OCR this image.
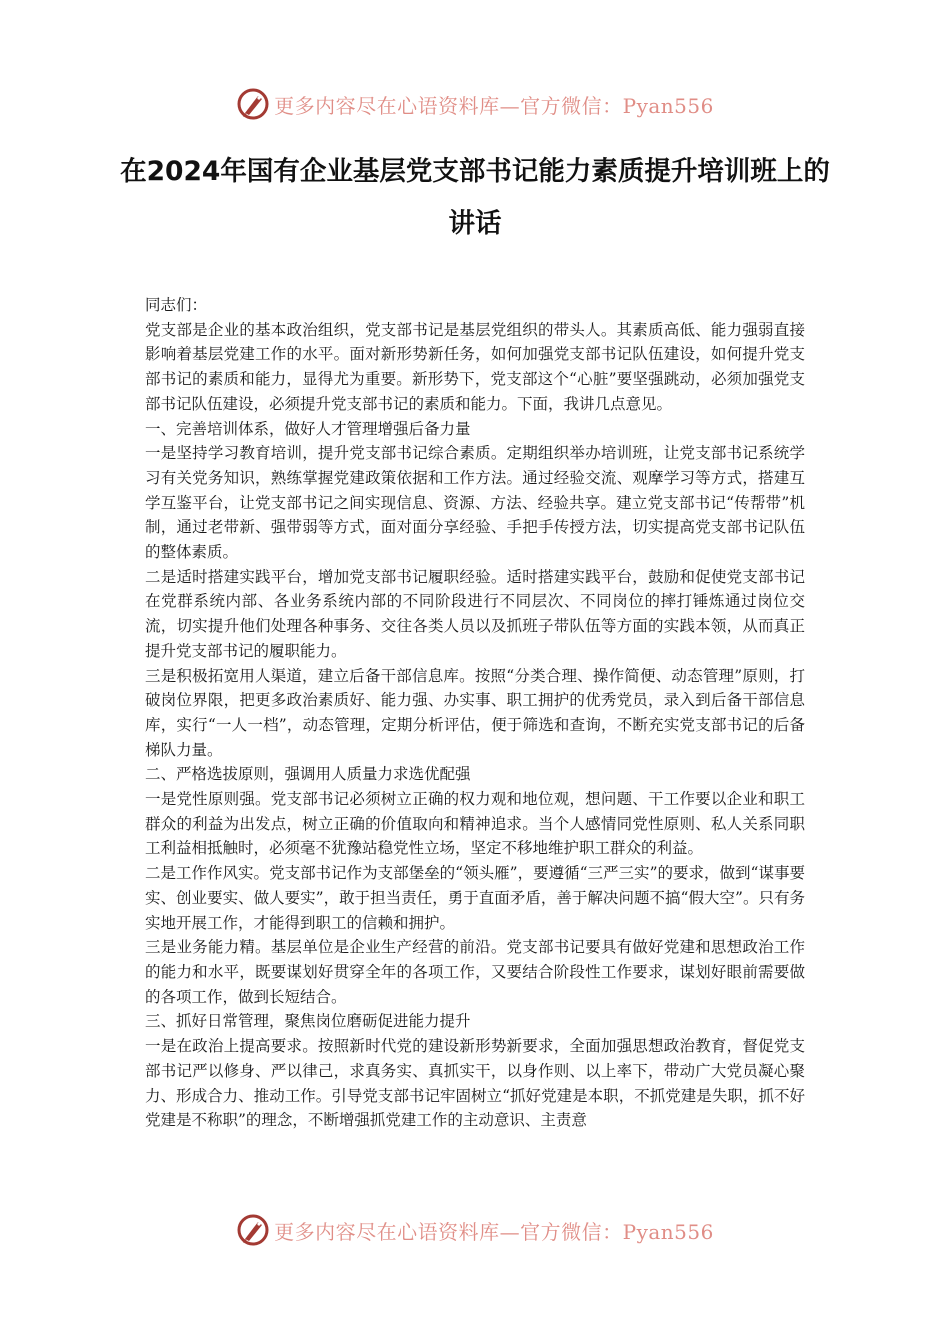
更多内容尽在心语资料库—官方微信：Pyan556
在2024年国有企业基层党支部书记能力素质提升培训班上的讲话

同志们：

党支部是企业的基本政治组织，党支部书记是基层党组织的带头人。其素质高低、能力强弱直接影响着基层党建工作的水平。面对新形势新任务，如何加强党支部书记队伍建设，如何提升党支部书记的素质和能力，显得尤为重要。新形势下，党支部这个“心脏”要坚强跳动，必须加强党支部书记队伍建设，必须提升党支部书记的素质和能力。下面，我讲几点意见。

一、完善培训体系，做好人才管理增强后备力量

一是坚持学习教育培训，提升党支部书记综合素质。定期组织举办培训班，让党支部书记系统学习有关党务知识，熟练掌握党建政策依据和工作方法。通过经验交流、观摩学习等方式，搭建互学互鉴平台，让党支部书记之间实现信息、资源、方法、经验共享。建立党支部书记“传帮带”机制，通过老带新、强带弱等方式，面对面分享经验、手把手传授方法，切实提高党支部书记队伍的整体素质。

二是适时搭建实践平台，增加党支部书记履职经验。适时搭建实践平台，鼓励和促使党支部书记在党群系统内部、各业务系统内部的不同阶段进行不同层次、不同岗位的摔打锤炼通过岗位交流，切实提升他们处理各种事务、交往各类人员以及抓班子带队伍等方面的实践本领，从而真正提升党支部书记的履职能力。

三是积极拓宽用人渠道，建立后备干部信息库。按照“分类合理、操作简便、动态管理”原则，打破岗位界限，把更多政治素质好、能力强、办实事、职工拥护的优秀党员，录入到后备干部信息库，实行“一人一档”，动态管理，定期分析评估，便于筛选和查询，不断充实党支部书记的后备梯队力量。

二、严格选拔原则，强调用人质量力求选优配强

一是党性原则强。党支部书记必须树立正确的权力观和地位观，想问题、干工作要以企业和职工群众的利益为出发点，树立正确的价值取向和精神追求。当个人感情同党性原则、私人关系同职工利益相抵触时，必须毫不犹豫站稳党性立场，坚定不移地维护职工群众的利益。

二是工作作风实。党支部书记作为支部堡垒的“领头雁”，要遵循“三严三实”的要求，做到“谋事要实、创业要实、做人要实”，敢于担当责任，勇于直面矛盾，善于解决问题不搞“假大空”。只有务实地开展工作，才能得到职工的信赖和拥护。

三是业务能力精。基层单位是企业生产经营的前沿。党支部书记要具有做好党建和思想政治工作的能力和水平，既要谋划好贯穿全年的各项工作，又要结合阶段性工作要求，谋划好眼前需要做的各项工作，做到长短结合。

三、抓好日常管理，聚焦岗位磨砺促进能力提升

一是在政治上提高要求。按照新时代党的建设新形势新要求，全面加强思想政治教育，督促党支部书记严以修身、严以律己，求真务实、真抓实干，以身作则、以上率下，带动广大党员凝心聚力、形成合力、推动工作。引导党支部书记牢固树立“抓好党建是本职，不抓党建是失职，抓不好党建是不称职”的理念，不断增强抓党建工作的主动意识、主责意

更多内容尽在心语资料库—官方微信：Pyan556
